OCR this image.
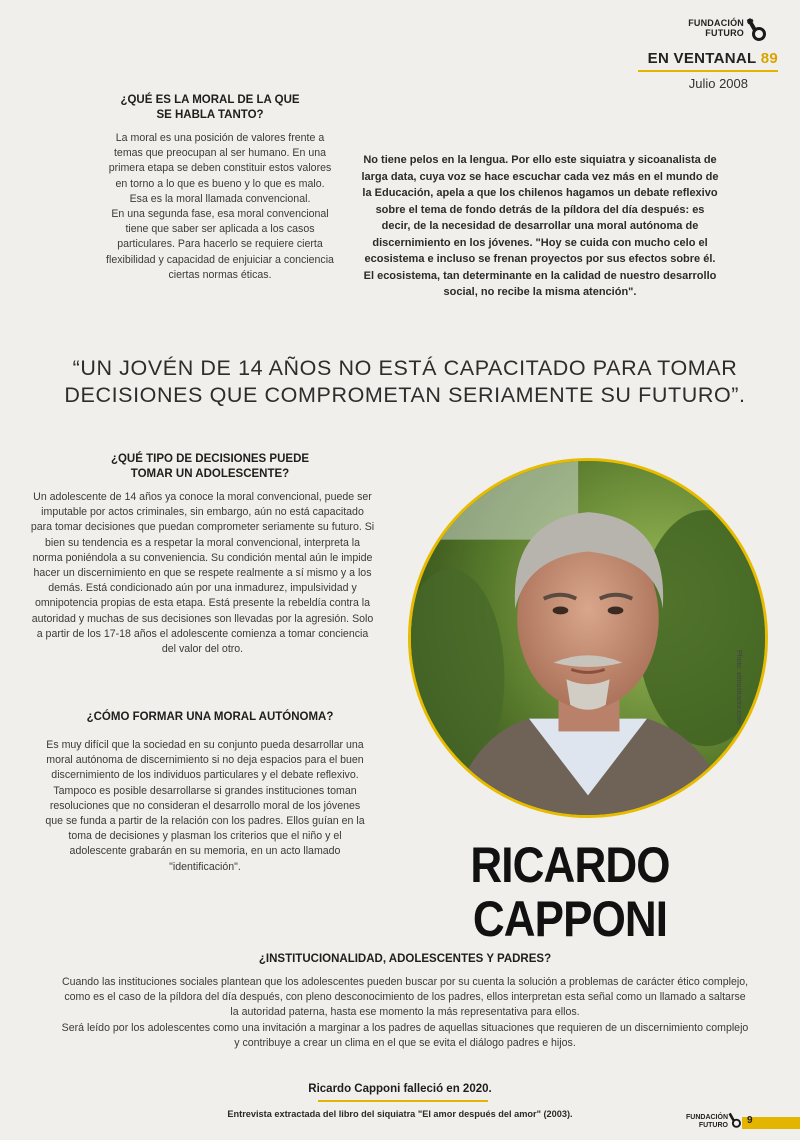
FUNDACIÓN
FUTURO
EN VENTANAL 89
Julio 2008
¿QUÉ ES LA MORAL DE LA QUE
SE HABLA TANTO?

La moral es una posición de valores frente a temas que preocupan al ser humano. En una primera etapa se deben constituir estos valores en torno a lo que es bueno y lo que es malo. Esa es la moral llamada convencional.

En una segunda fase, esa moral convencional tiene que saber ser aplicada a los casos particulares. Para hacerlo se requiere cierta flexibilidad y capacidad de enjuiciar a conciencia ciertas normas éticas.

No tiene pelos en la lengua. Por ello este siquiatra y sicoanalista de larga data, cuya voz se hace escuchar cada vez más en el mundo de la Educación, apela a que los chilenos hagamos un debate reflexivo sobre el tema de fondo detrás de la píldora del día después: es decir, de la necesidad de desarrollar una moral autónoma de discernimiento en los jóvenes. "Hoy se cuida con mucho celo el ecosistema e incluso se frenan proyectos por sus efectos sobre él. El ecosistema, tan determinante en la calidad de nuestro desarrollo social, no recibe la misma atención".
“UN JOVÉN DE 14 AÑOS NO ESTÁ CAPACITADO PARA TOMAR DECISIONES QUE COMPROMETAN SERIAMENTE SU FUTURO”.
¿QUÉ TIPO DE DECISIONES PUEDE
TOMAR UN ADOLESCENTE?
Un adolescente de 14 años ya conoce la moral convencional, puede ser imputable por actos criminales, sin embargo, aún no está capacitado para tomar decisiones que puedan comprometer seriamente su futuro. Si bien su tendencia es a respetar la moral convencional, interpreta la norma poniéndola a su conveniencia. Su condición mental aún le impide hacer un discernimiento en que se respete realmente a sí mismo y a los demás. Está condicionado aún por una inmadurez, impulsividad y omnipotencia propias de esta etapa. Está presente la rebeldía contra la autoridad y muchas de sus decisiones son llevadas por la agresión. Solo a partir de los 17-18 años el adolescente comienza a tomar conciencia del valor del otro.
¿CÓMO FORMAR UNA MORAL AUTÓNOMA?
Es muy difícil que la sociedad en su conjunto pueda desarrollar una moral autónoma de discernimiento si no deja espacios para el buen discernimiento de los individuos particulares y el debate reflexivo. Tampoco es posible desarrollarse si grandes instituciones toman resoluciones que no consideran el desarrollo moral de los jóvenes que se funda a partir de la relación con los padres. Ellos guían en la toma de decisiones y plasman los criterios que el niño y el adolescente grabarán en su memoria, en un acto llamado "identificación".
Photo: elmostrador.com
RICARDO CAPPONI
¿INSTITUCIONALIDAD, ADOLESCENTES Y PADRES?

Cuando las instituciones sociales plantean que los adolescentes pueden buscar por su cuenta la solución a problemas de carácter ético complejo, como es el caso de la píldora del día después, con pleno desconocimiento de los padres, ellos interpretan esta señal como un llamado a saltarse la autoridad paterna, hasta ese momento la más representativa para ellos.

Será leído por los adolescentes como una invitación a marginar a los padres de aquellas situaciones que requieren de un discernimiento complejo y contribuye a crear un clima en el que se evita el diálogo padres e hijos.

Ricardo Capponi falleció en 2020.
Entrevista extractada del libro del siquiatra "El amor después del amor" (2003).	FUNDACIÓN
FUTURO 9
